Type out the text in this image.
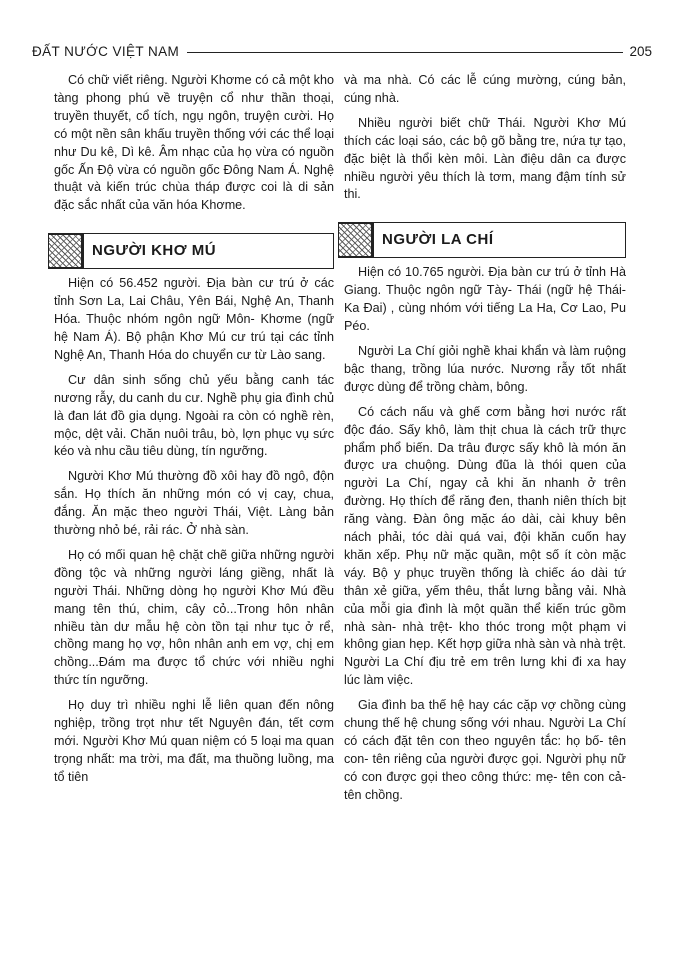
ĐẤT NƯỚC VIỆT NAM	205

Có chữ viết riêng. Người Khơme có cả một kho tàng phong phú về truyện cổ như thần thoại, truyền thuyết, cổ tích, ngụ ngôn, truyện cười. Họ có một nền sân khấu truyền thống với các thể loại như Du kê, Dì kê. Âm nhạc của họ vừa có nguồn gốc Ấn Độ vừa có nguồn gốc Đông Nam Á. Nghệ thuật và kiến trúc chùa tháp được coi là di sản đặc sắc nhất của văn hóa Khơme.

NGƯỜI KHƠ MÚ

Hiện có 56.452 người. Địa bàn cư trú ở các tỉnh Sơn La, Lai Châu, Yên Bái, Nghệ An, Thanh Hóa. Thuộc nhóm ngôn ngữ Môn- Khơme (ngữ hệ Nam Á). Bộ phận Khơ Mú cư trú tại các tỉnh Nghệ An, Thanh Hóa do chuyển cư từ Lào sang.

Cư dân sinh sống chủ yếu bằng canh tác nương rẫy, du canh du cư. Nghề phụ gia đình chủ là đan lát đồ gia dụng. Ngoài ra còn có nghề rèn, mộc, dệt vải. Chăn nuôi trâu, bò, lợn phục vụ sức kéo và nhu cầu tiêu dùng, tín ngưỡng.

Người Khơ Mú thường đồ xôi hay đồ ngô, độn sắn. Họ thích ăn những món có vị cay, chua, đắng. Ăn mặc theo người Thái, Việt. Làng bản thường nhỏ bé, rải rác. Ở nhà sàn.

Họ có mối quan hệ chặt chẽ giữa những người đồng tộc và những người láng giềng, nhất là người Thái. Những dòng họ người Khơ Mú đều mang tên thú, chim, cây cỏ...Trong hôn nhân nhiều tàn dư mẫu hệ còn tồn tại như tục ở rể, chồng mang họ vợ, hôn nhân anh em vợ, chị em chồng...Đám ma được tổ chức với nhiều nghi thức tín ngưỡng.

Họ duy trì nhiều nghi lễ liên quan đến nông nghiệp, trồng trọt như tết Nguyên đán, tết cơm mới. Người Khơ Mú quan niệm có 5 loại ma quan trọng nhất: ma trời, ma đất, ma thuồng luồng, ma tổ tiên

và ma nhà. Có các lễ cúng mường, cúng bản, cúng nhà.

Nhiều người biết chữ Thái. Người Khơ Mú thích các loại sáo, các bộ gõ bằng tre, nứa tự tạo, đặc biệt là thổi kèn môi. Làn điệu dân ca được nhiều người yêu thích là tơm, mang đậm tính sử thi.

NGƯỜI LA CHÍ

Hiện có 10.765 người. Địa bàn cư trú ở tỉnh Hà Giang. Thuộc ngôn ngữ Tày- Thái (ngữ hệ Thái-Ka Đai) , cùng nhóm với tiếng La Ha, Cơ Lao, Pu Péo.

Người La Chí giỏi nghề khai khẩn và làm ruộng bậc thang, trồng lúa nước. Nương rẫy tốt nhất được dùng để trồng chàm, bông.

Có cách nấu và ghế cơm bằng hơi nước rất độc đáo. Sấy khô, làm thịt chua là cách trữ thực phẩm phổ biến. Da trâu được sấy khô là món ăn được ưa chuộng. Dùng đũa là thói quen của người La Chí, ngay cả khi ăn nhanh ở trên đường. Họ thích để răng đen, thanh niên thích bịt răng vàng. Đàn ông mặc áo dài, cài khuy bên nách phải, tóc dài quá vai, đội khăn cuốn hay khăn xếp. Phụ nữ mặc quần, một số ít còn mặc váy. Bộ y phục truyền thống là chiếc áo dài tứ thân xẻ giữa, yếm thêu, thắt lưng bằng vải. Nhà của mỗi gia đình là một quần thể kiến trúc gồm nhà sàn- nhà trệt- kho thóc trong một phạm vi không gian hẹp. Kết hợp giữa nhà sàn và nhà trệt. Người La Chí địu trẻ em trên lưng khi đi xa hay lúc làm việc.

Gia đình ba thế hệ hay các cặp vợ chồng cùng chung thế hệ chung sống với nhau. Người La Chí có cách đặt tên con theo nguyên tắc: họ bố- tên con- tên riêng của người được gọi. Người phụ nữ có con được gọi theo công thức: mẹ- tên con cả- tên chồng.
